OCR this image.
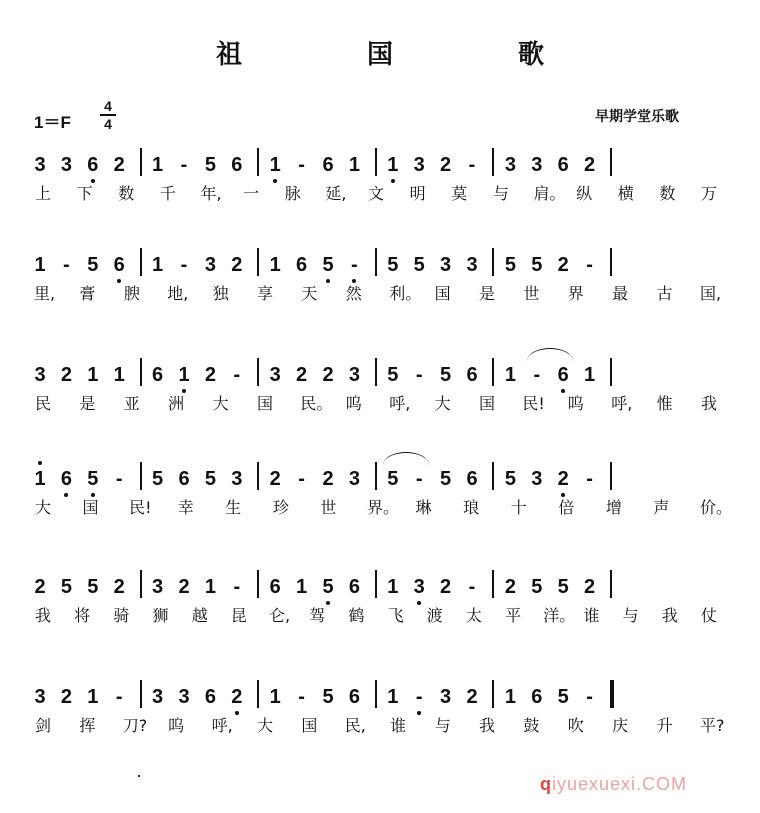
祖 国 歌
1＝F
4
4	早期学堂乐歌
3 3 6 2 1 - 5 6 1 - 6 1 1 3 2 - 3 3 6 2
上 下 数 千 年, 一 脉 延, 文 明 莫 与 肩。 纵 横 数 万
1 - 5 6 1 - 3 2 1 6 5 - 5 5 3 3 5 5 2 -
里, 膏 腴 地, 独 享 天 然 利。 国 是 世 界 最 古 国,
3 2 1 1 6 1 2 - 3 2 2 3 5 - 5 6 1 - 6 1
民 是 亚 洲 大 国 民。 呜 呼, 大 国 民! 呜 呼, 惟 我
1 6 5 - 5 6 5 3 2 - 2 3 5 - 5 6 5 3 2 -
大 国 民! 幸 生 珍 世 界。 琳 琅 十 倍 增 声 价。
2 5 5 2 3 2 1 - 6 1 5 6 1 3 2 - 2 5 5 2
我 将 骑 狮 越 昆 仑, 驾 鹤 飞 渡 太 平 洋。 谁 与 我 仗
3 2 1 - 3 3 6 2 1 - 5 6 1 - 3 2 1 6 5 -
剑 挥 刀? 呜 呼, 大 国 民, 谁 与 我 鼓 吹 庆 升 平?
qiyuexuexi.COM
